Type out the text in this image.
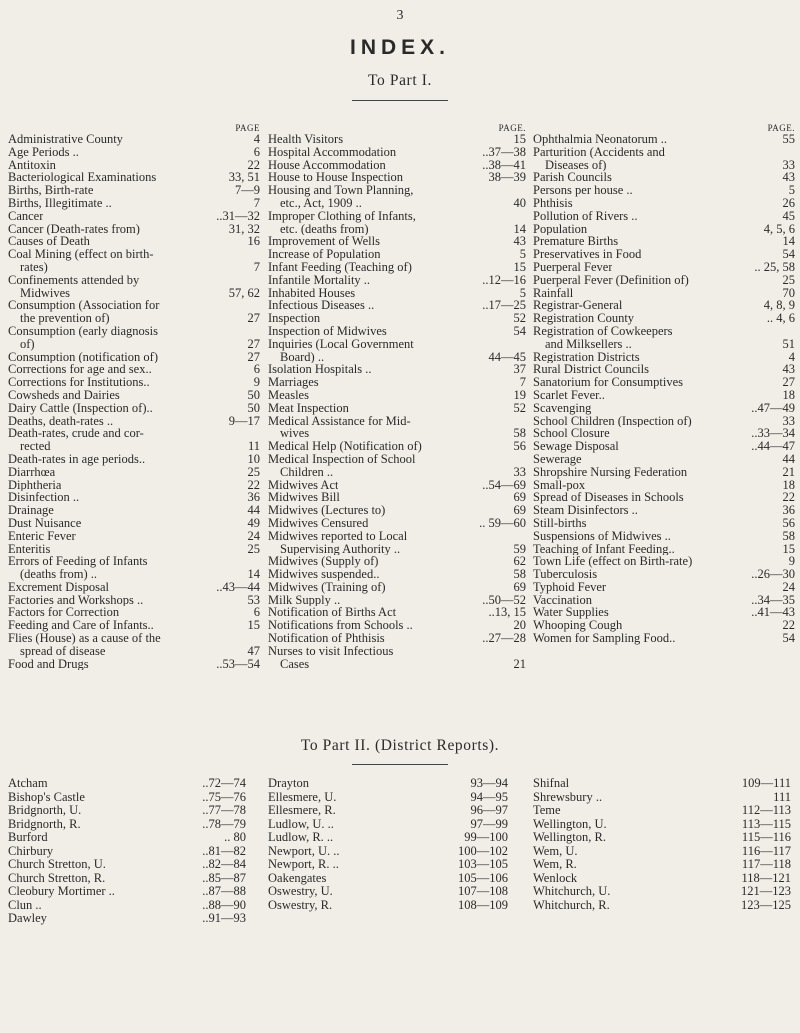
3
INDEX.
To Part I.
PAGE
Administrative County	4
Age Periods ..	6
Antitoxin	22
Bacteriological Examinations	33, 51
Births, Birth-rate	7—9
Births, Illegitimate ..	7
Cancer	..31—32
Cancer (Death-rates from)	31, 32
Causes of Death	16
Coal Mining (effect on birth-
rates)	7
Confinements attended by
Midwives	57, 62
Consumption (Association for
the prevention of)	27
Consumption (early diagnosis
of)	27
Consumption (notification of)	27
Corrections for age and sex..	6
Corrections for Institutions..	9
Cowsheds and Dairies	50
Dairy Cattle (Inspection of)..	50
Deaths, death-rates ..	9—17
Death-rates, crude and cor-
rected	11
Death-rates in age periods..	10
Diarrhœa	25
Diphtheria	22
Disinfection ..	36
Drainage	44
Dust Nuisance	49
Enteric Fever	24
Enteritis	25
Errors of Feeding of Infants
(deaths from) ..	14
Excrement Disposal	..43—44
Factories and Workshops ..	53
Factors for Correction	6
Feeding and Care of Infants..	15
Flies (House) as a cause of the
spread of disease	47
Food and Drugs	..53—54
PAGE.
Health Visitors	15
Hospital Accommodation	..37—38
House Accommodation	..38—41
House to House Inspection	38—39
Housing and Town Planning,
etc., Act, 1909 ..	40
Improper Clothing of Infants,
etc. (deaths from)	14
Improvement of Wells	43
Increase of Population	5
Infant Feeding (Teaching of)	15
Infantile Mortality ..	..12—16
Inhabited Houses	5
Infectious Diseases ..	..17—25
Inspection	52
Inspection of Midwives	54
Inquiries (Local Government
Board) ..	44—45
Isolation Hospitals ..	37
Marriages	7
Measles	19
Meat Inspection	52
Medical Assistance for Mid-
wives	58
Medical Help (Notification of)	56
Medical Inspection of School
Children ..	33
Midwives Act	..54—69
Midwives Bill	69
Midwives (Lectures to)	69
Midwives Censured	.. 59—60
Midwives reported to Local
Supervising Authority ..	59
Midwives (Supply of)	62
Midwives suspended..	58
Midwives (Training of)	69
Milk Supply ..	..50—52
Notification of Births Act	..13, 15
Notifications from Schools ..	20
Notification of Phthisis	..27—28
Nurses to visit Infectious
Cases	21
PAGE.
Ophthalmia Neonatorum ..	55
Parturition (Accidents and
Diseases of)	33
Parish Councils	43
Persons per house ..	5
Phthisis	26
Pollution of Rivers ..	45
Population	4, 5, 6
Premature Births	14
Preservatives in Food	54
Puerperal Fever	.. 25, 58
Puerperal Fever (Definition of)	25
Rainfall	70
Registrar-General	4, 8, 9
Registration County	.. 4, 6
Registration of Cowkeepers
and Milksellers ..	51
Registration Districts	4
Rural District Councils	43
Sanatorium for Consumptives	27
Scarlet Fever..	18
Scavenging	..47—49
School Children (Inspection of)	33
School Closure	..33—34
Sewage Disposal	..44—47
Sewerage	44
Shropshire Nursing Federation	21
Small-pox	18
Spread of Diseases in Schools	22
Steam Disinfectors ..	36
Still-births	56
Suspensions of Midwives ..	58
Teaching of Infant Feeding..	15
Town Life (effect on Birth-rate)	9
Tuberculosis	..26—30
Typhoid Fever	24
Vaccination	..34—35
Water Supplies	..41—43
Whooping Cough	22
Women for Sampling Food..	54
To Part II. (District Reports).
Atcham	..72—74
Bishop's Castle	..75—76
Bridgnorth, U.	..77—78
Bridgnorth, R.	..78—79
Burford	.. 80
Chirbury	..81—82
Church Stretton, U.	..82—84
Church Stretton, R.	..85—87
Cleobury Mortimer ..	..87—88
Clun ..	..88—90
Dawley	..91—93
Drayton	93—94
Ellesmere, U.	94—95
Ellesmere, R.	96—97
Ludlow, U. ..	97—99
Ludlow, R. ..	99—100
Newport, U. ..	100—102
Newport, R. ..	103—105
Oakengates	105—106
Oswestry, U.	107—108
Oswestry, R.	108—109
Shifnal	109—111
Shrewsbury ..	111
Teme	112—113
Wellington, U.	113—115
Wellington, R.	115—116
Wem, U.	116—117
Wem, R.	117—118
Wenlock	118—121
Whitchurch, U.	121—123
Whitchurch, R.	123—125
